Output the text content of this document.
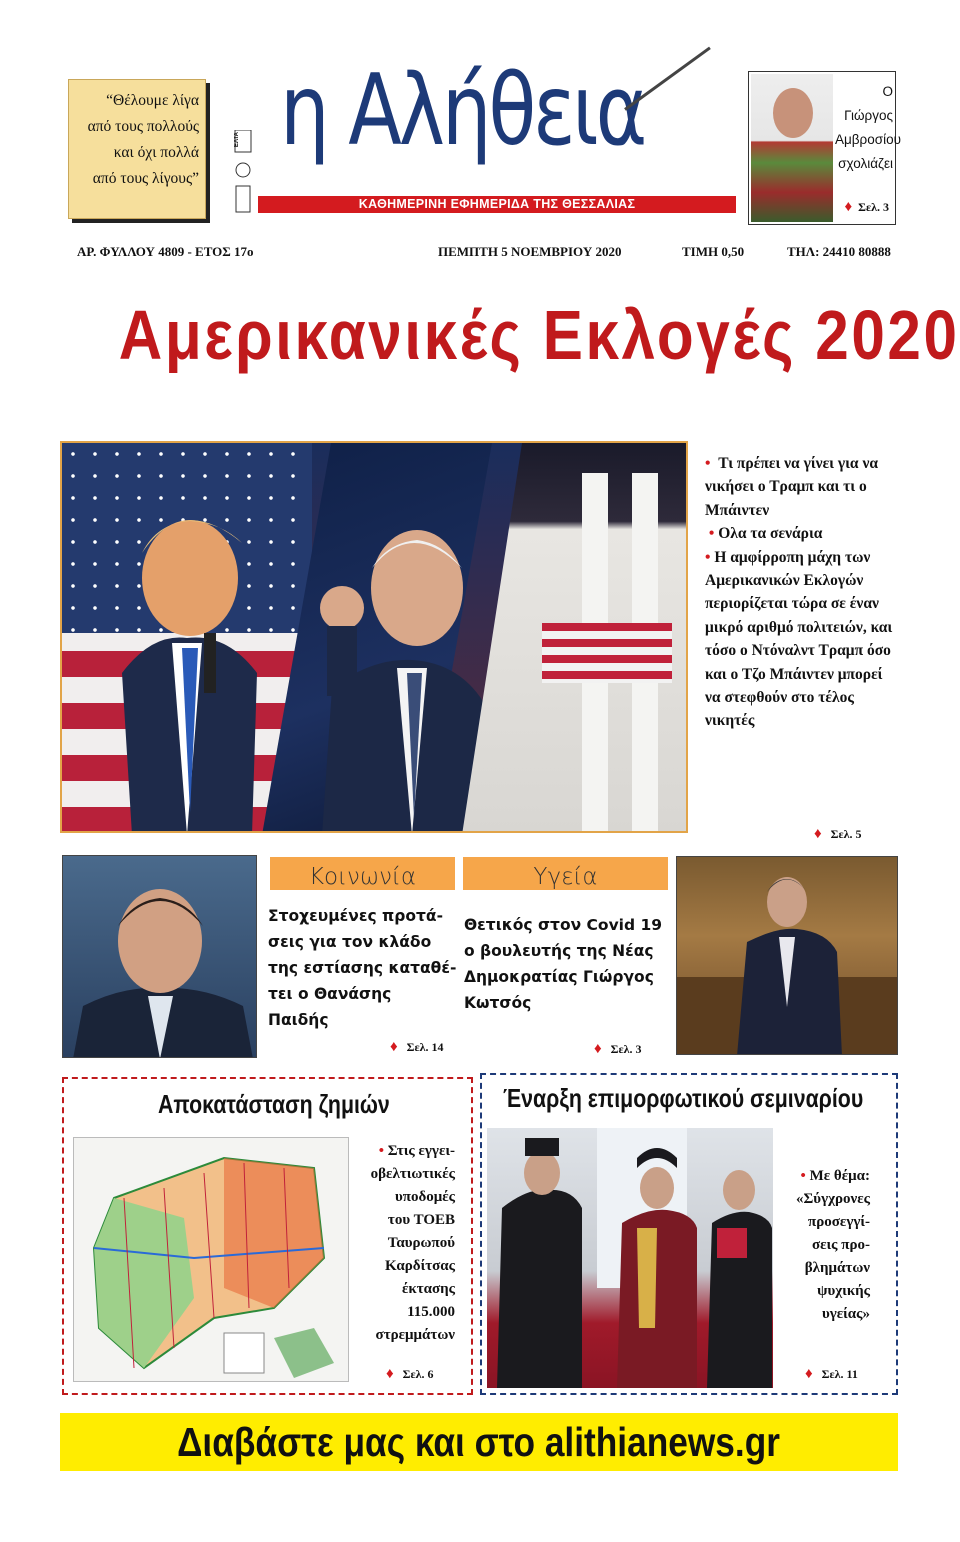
“Θέλουμε λίγα
από τους πολλούς
και όχι πολλά
από τους λίγους”
ΕΛΤΑ η Αλήθεια
ΚΑΘΗΜΕΡΙΝΗ ΕΦΗΜΕΡΙΔΑ ΤΗΣ ΘΕΣΣΑΛΙΑΣ
Ο Γιώργος
Αμβροσίου
σχολιάζει
♦ Σελ. 3
ΑΡ. ΦΥΛΛΟΥ 4809 - ΕΤΟΣ 17ο	ΠΕΜΠΤΗ 5 ΝΟΕΜΒΡΙΟΥ 2020	ΤΙΜΗ 0,50	ΤΗΛ: 24410 80888
Αμερικανικές Εκλογές 2020

• Τι πρέπει να γίνει για να νικήσει ο Τραμπ και τι ο Μπάιντεν

• Ολα τα σενάρια

• Η αμφίρροπη μάχη των Αμερικανικών Εκλογών περιορίζεται τώρα σε έναν μικρό αριθμό πολιτειών, και τόσο ο Ντόναλντ Τραμπ όσο και ο Τζο Μπάιντεν μπορεί να στεφθούν στο τέλος νικητές

♦ Σελ. 5
Κοινωνία
Στοχευμένες προτά-
σεις για τον κλάδο
της εστίασης καταθέ-
τει ο Θανάσης
Παιδής
♦ Σελ. 14
Υγεία
Θετικός στον Covid 19
ο βουλευτής της Νέας
Δημοκρατίας Γιώργος
Κωτσός
♦ Σελ. 3
Αποκατάσταση ζημιών
• Στις εγγει-
οβελτιωτικές
υποδομές
του ΤΟΕΒ
Ταυρωπού
Καρδίτσας
έκτασης
115.000
στρεμμάτων
♦ Σελ. 6
Έναρξη επιμορφωτικού σεμιναρίου
• Με θέμα:
«Σύγχρονες
προσεγγί-
σεις προ-
βλημάτων
ψυχικής
υγείας»
♦ Σελ. 11
Διαβάστε μας και στο alithianews.gr
